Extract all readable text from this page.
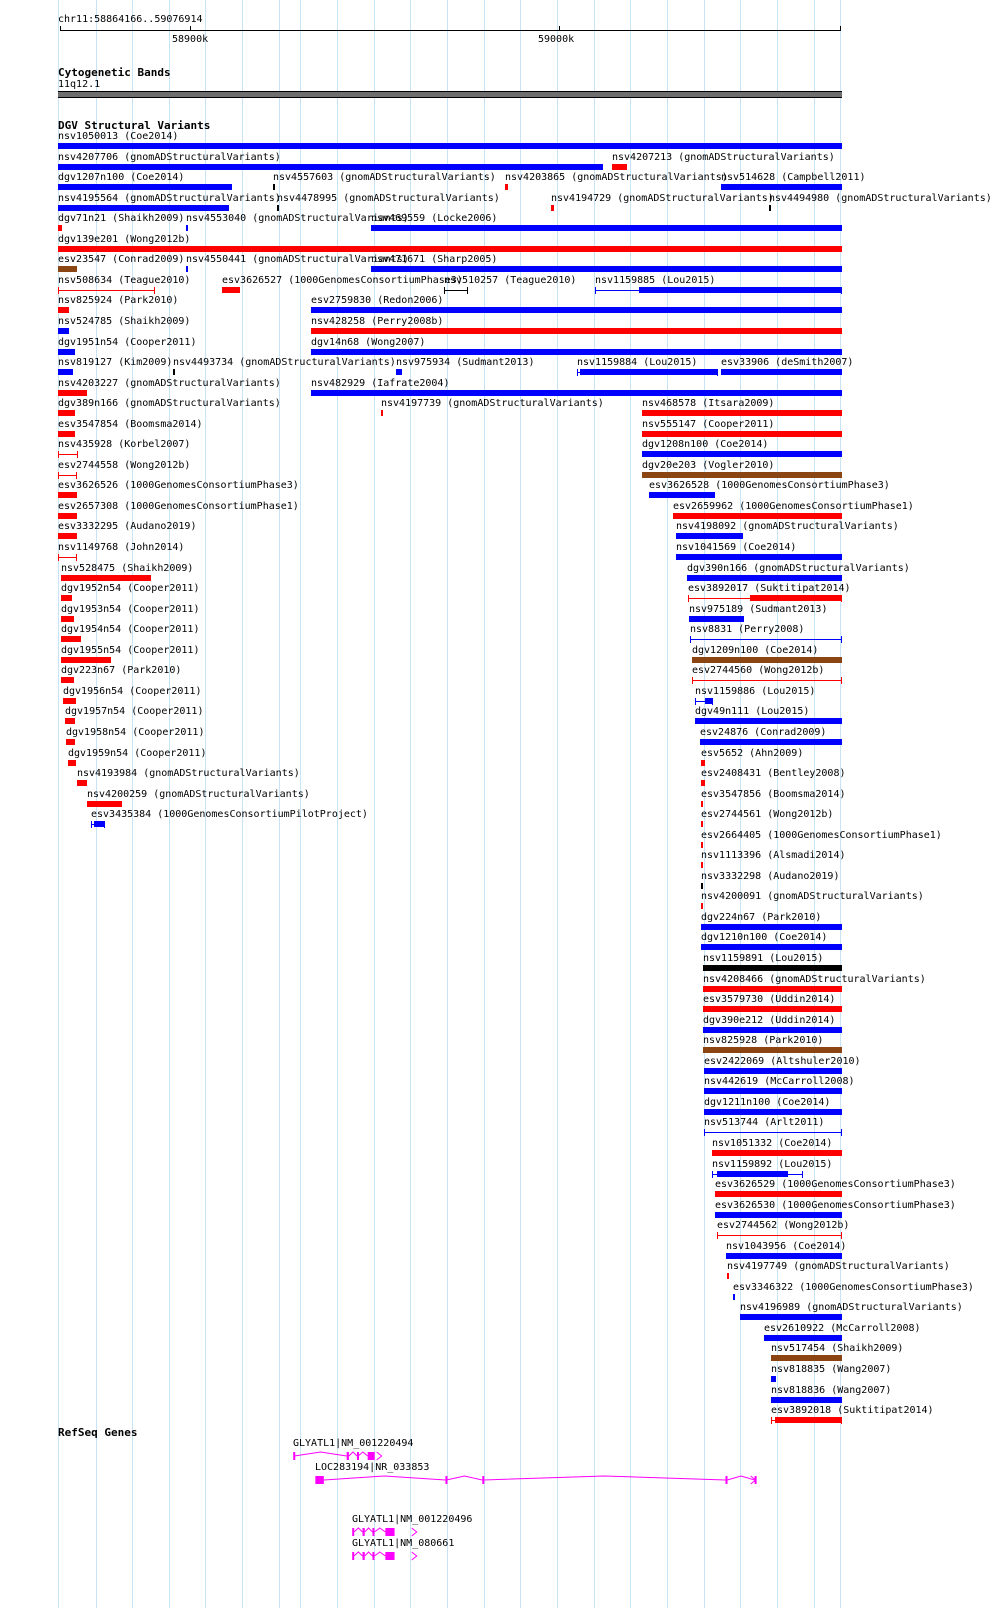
chr11:58864166..59076914
58900k	59000k
Cytogenetic Bands
11q12.1
DGV Structural Variants
nsv1050013 (Coe2014)
nsv4207706 (gnomADStructuralVariants)	nsv4207213 (gnomADStructuralVariants)
dgv1207n100 (Coe2014)	nsv4557603 (gnomADStructuralVariants) nsv4203865 (gnomADStructuralVariants)
nsv514628 (Campbell2011)
nsv4195564 (gnomADStructuralVariants)
nsv4478995 (gnomADStructuralVariants)	nsv4194729 (gnomADStructuralVariants)
nsv4494980 (gnomADStructuralVariants)
dgv71n21 (Shaikh2009) nsv4553040 (gnomADStructuralVariants)
nsv469559 (Locke2006)
dgv139e201 (Wong2012b)
esv23547 (Conrad2009) nsv4550441 (gnomADStructuralVariants)
nsv471671 (Sharp2005)
nsv508634 (Teague2010)	esv3626527 (1000GenomesConsortiumPhase3)
nsv510257 (Teague2010) nsv1159885 (Lou2015)
nsv825924 (Park2010)	esv2759830 (Redon2006)
nsv524785 (Shaikh2009)	nsv428258 (Perry2008b)
dgv1951n54 (Cooper2011)	dgv14n68 (Wong2007)
nsv819127 (Kim2009) nsv4493734 (gnomADStructuralVariants) nsv975934 (Sudmant2013)	nsv1159884 (Lou2015) esv33906 (deSmith2007)
nsv4203227 (gnomADStructuralVariants)	nsv482929 (Iafrate2004)
dgv389n166 (gnomADStructuralVariants)	nsv4197739 (gnomADStructuralVariants)	nsv468578 (Itsara2009)
esv3547854 (Boomsma2014)	nsv555147 (Cooper2011)
nsv435928 (Korbel2007)	dgv1208n100 (Coe2014)
esv2744558 (Wong2012b)	dgv20e203 (Vogler2010)
esv3626526 (1000GenomesConsortiumPhase3)	esv3626528 (1000GenomesConsortiumPhase3)
esv2657308 (1000GenomesConsortiumPhase1)	esv2659962 (1000GenomesConsortiumPhase1)
esv3332295 (Audano2019)	nsv4198092 (gnomADStructuralVariants)
nsv1149768 (John2014)	nsv1041569 (Coe2014)
nsv528475 (Shaikh2009)	dgv390n166 (gnomADStructuralVariants)
dgv1952n54 (Cooper2011)	esv3892017 (Suktitipat2014)
dgv1953n54 (Cooper2011)	nsv975189 (Sudmant2013)
dgv1954n54 (Cooper2011)	nsv8831 (Perry2008)
dgv1955n54 (Cooper2011)	dgv1209n100 (Coe2014)
dgv223n67 (Park2010)	esv2744560 (Wong2012b)
dgv1956n54 (Cooper2011)	nsv1159886 (Lou2015)
dgv1957n54 (Cooper2011)	dgv49n111 (Lou2015)
dgv1958n54 (Cooper2011)	esv24876 (Conrad2009)
dgv1959n54 (Cooper2011)	esv5652 (Ahn2009)
nsv4193984 (gnomADStructuralVariants)	esv2408431 (Bentley2008)
nsv4200259 (gnomADStructuralVariants)	esv3547856 (Boomsma2014)
esv3435384 (1000GenomesConsortiumPilotProject)	esv2744561 (Wong2012b)
esv2664405 (1000GenomesConsortiumPhase1)
nsv1113396 (Alsmadi2014)
nsv3332298 (Audano2019)
nsv4200091 (gnomADStructuralVariants)
dgv224n67 (Park2010)
dgv1210n100 (Coe2014)
nsv1159891 (Lou2015)
nsv4208466 (gnomADStructuralVariants)
esv3579730 (Uddin2014)
dgv390e212 (Uddin2014)
nsv825928 (Park2010)
esv2422069 (Altshuler2010)
nsv442619 (McCarroll2008)
dgv1211n100 (Coe2014)
nsv513744 (Arlt2011)
nsv1051332 (Coe2014)
nsv1159892 (Lou2015)
esv3626529 (1000GenomesConsortiumPhase3)
esv3626530 (1000GenomesConsortiumPhase3)
esv2744562 (Wong2012b)
nsv1043956 (Coe2014)
nsv4197749 (gnomADStructuralVariants)
esv3346322 (1000GenomesConsortiumPhase3)
nsv4196989 (gnomADStructuralVariants)
esv2610922 (McCarroll2008)
nsv517454 (Shaikh2009)
nsv818835 (Wang2007)
nsv818836 (Wang2007)
esv3892018 (Suktitipat2014)
RefSeq Genes
GLYATL1|NM_001220494
LOC283194|NR_033853
GLYATL1|NM_001220496
GLYATL1|NM_080661
